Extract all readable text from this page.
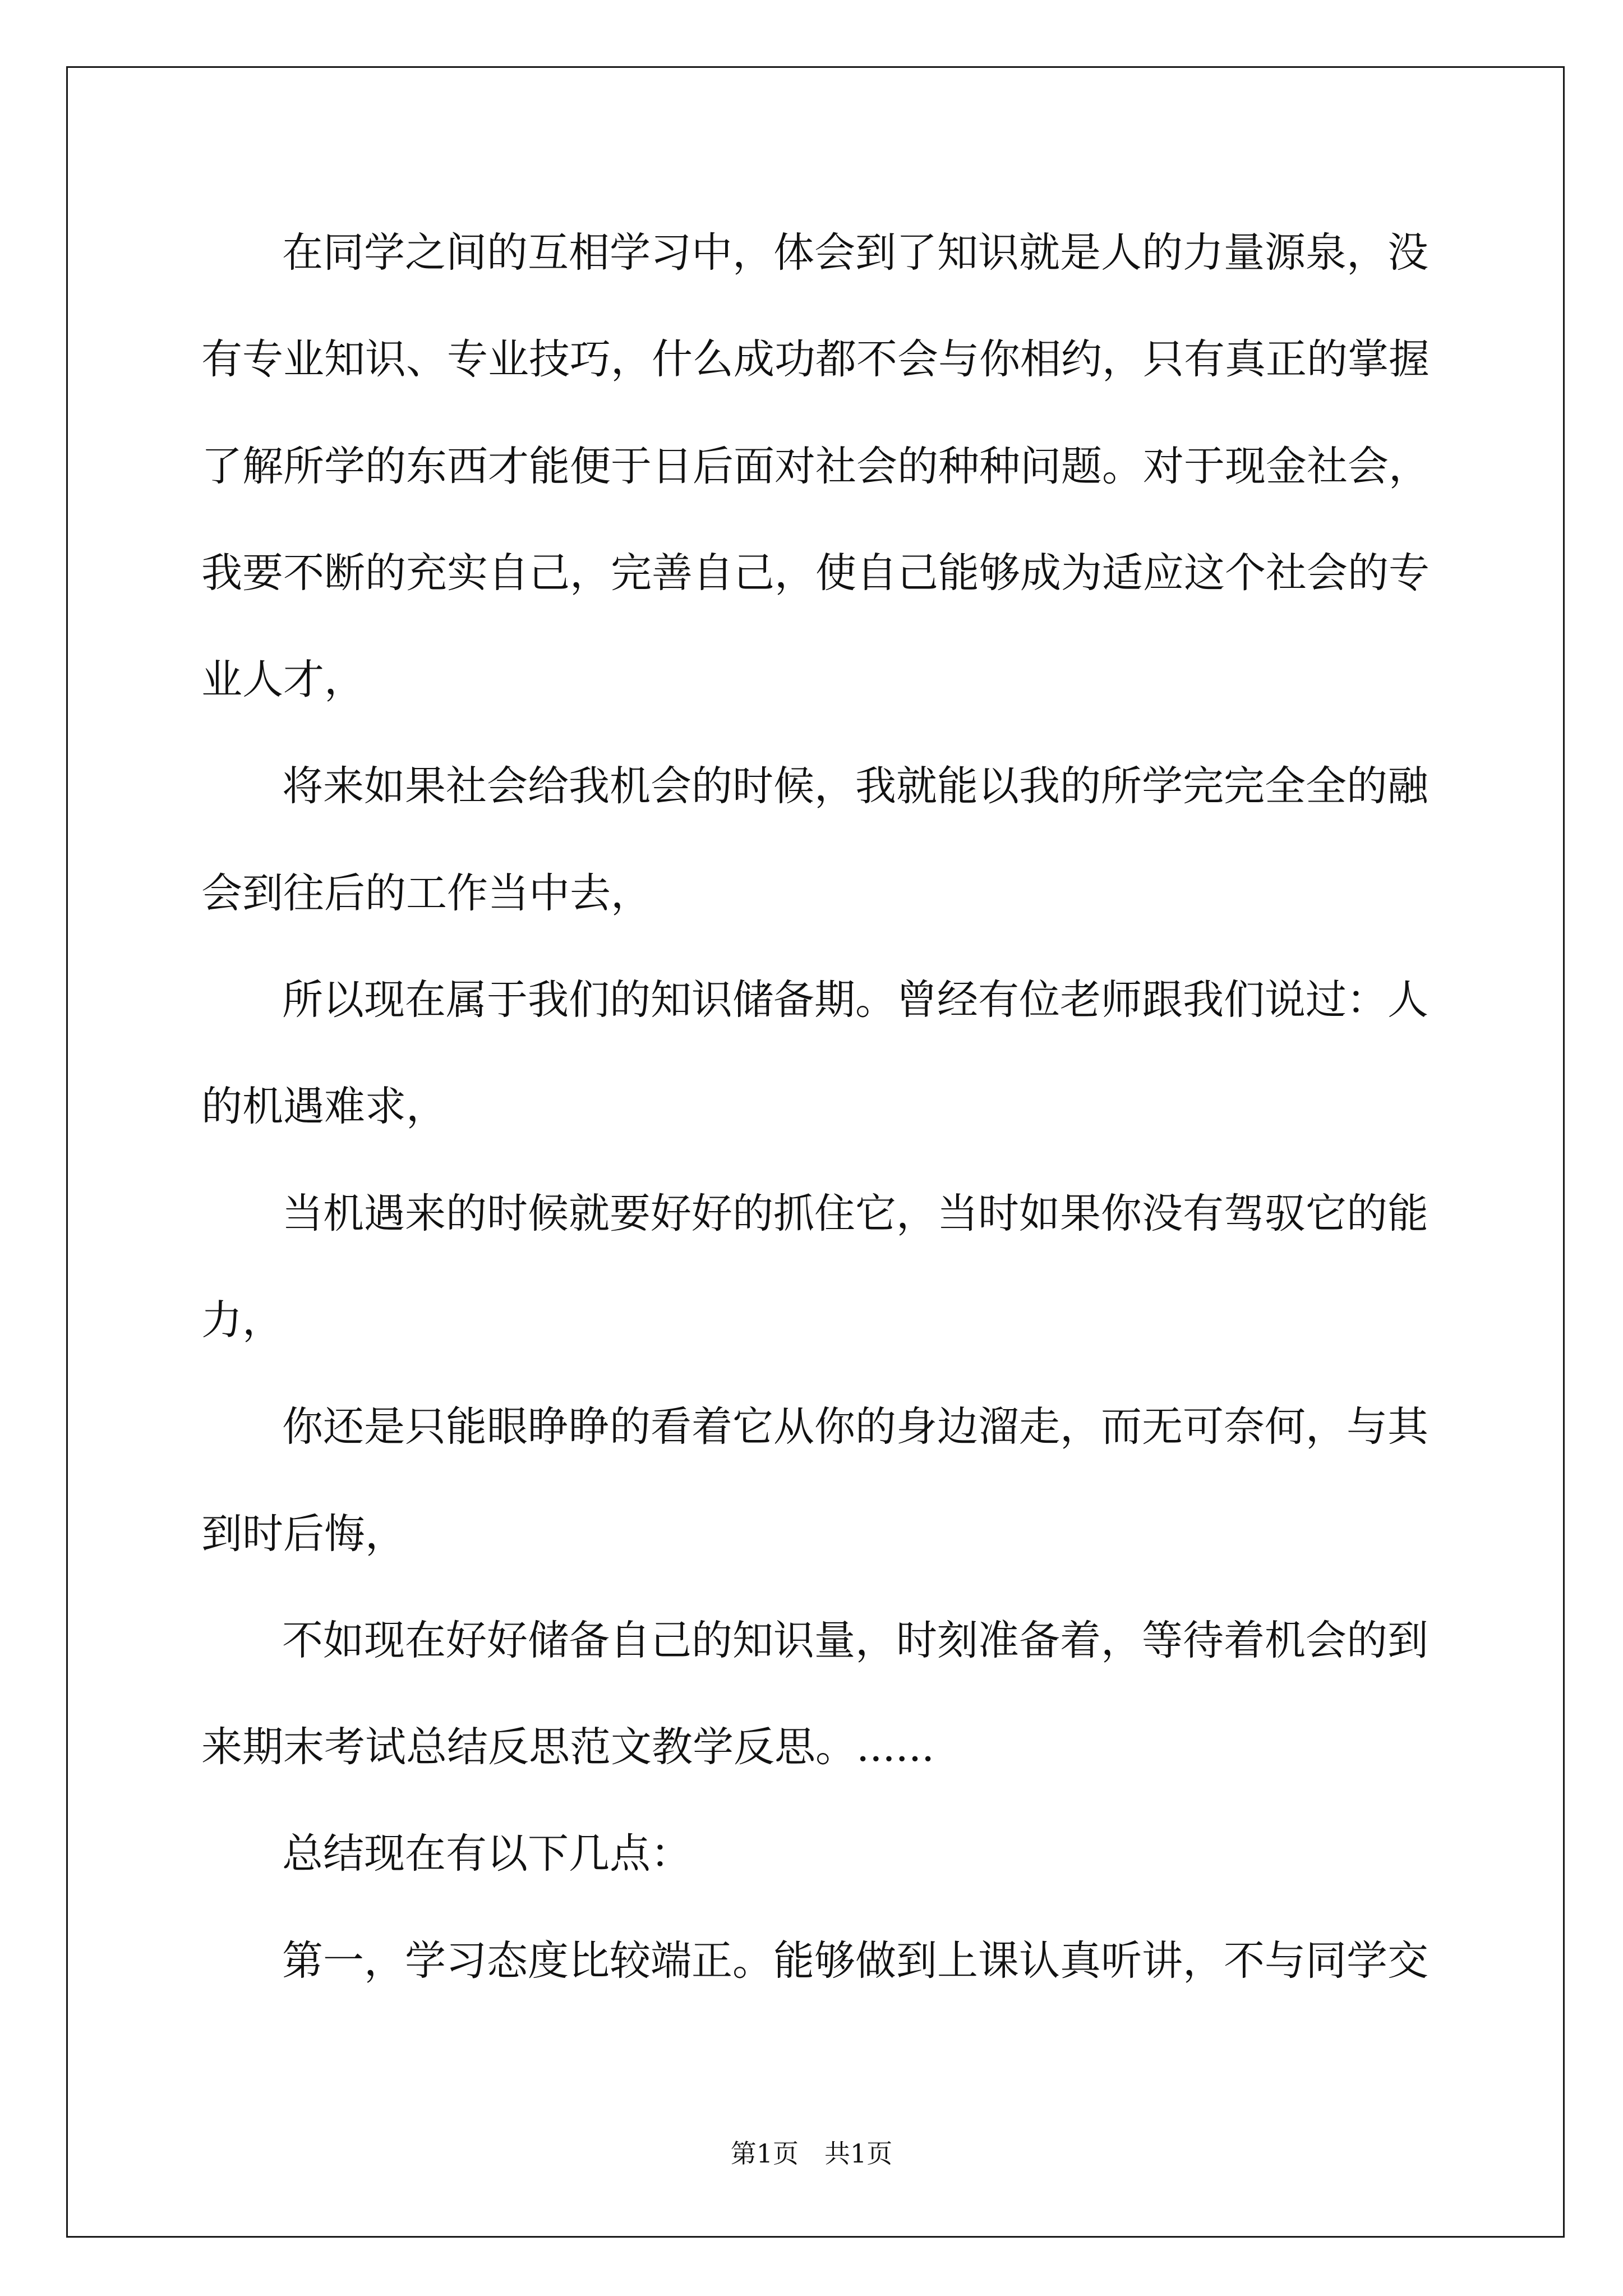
在同学之间的互相学习中，体会到了知识就是人的力量源泉，没
有专业知识、专业技巧，什么成功都不会与你相约，只有真正的掌握
了解所学的东西才能便于日后面对社会的种种问题。对于现金社会，
我要不断的充实自己，完善自己，使自己能够成为适应这个社会的专
业人才，
将来如果社会给我机会的时候，我就能以我的所学完完全全的融
会到往后的工作当中去，
所以现在属于我们的知识储备期。曾经有位老师跟我们说过：人
的机遇难求，
当机遇来的时候就要好好的抓住它，当时如果你没有驾驭它的能
力，
你还是只能眼睁睁的看着它从你的身边溜走，而无可奈何，与其
到时后悔，
不如现在好好储备自己的知识量，时刻准备着，等待着机会的到
来期末考试总结反思范文教学反思。......
总结现在有以下几点：
第一，学习态度比较端正。能够做到上课认真听讲，不与同学交
第1页　共1页
